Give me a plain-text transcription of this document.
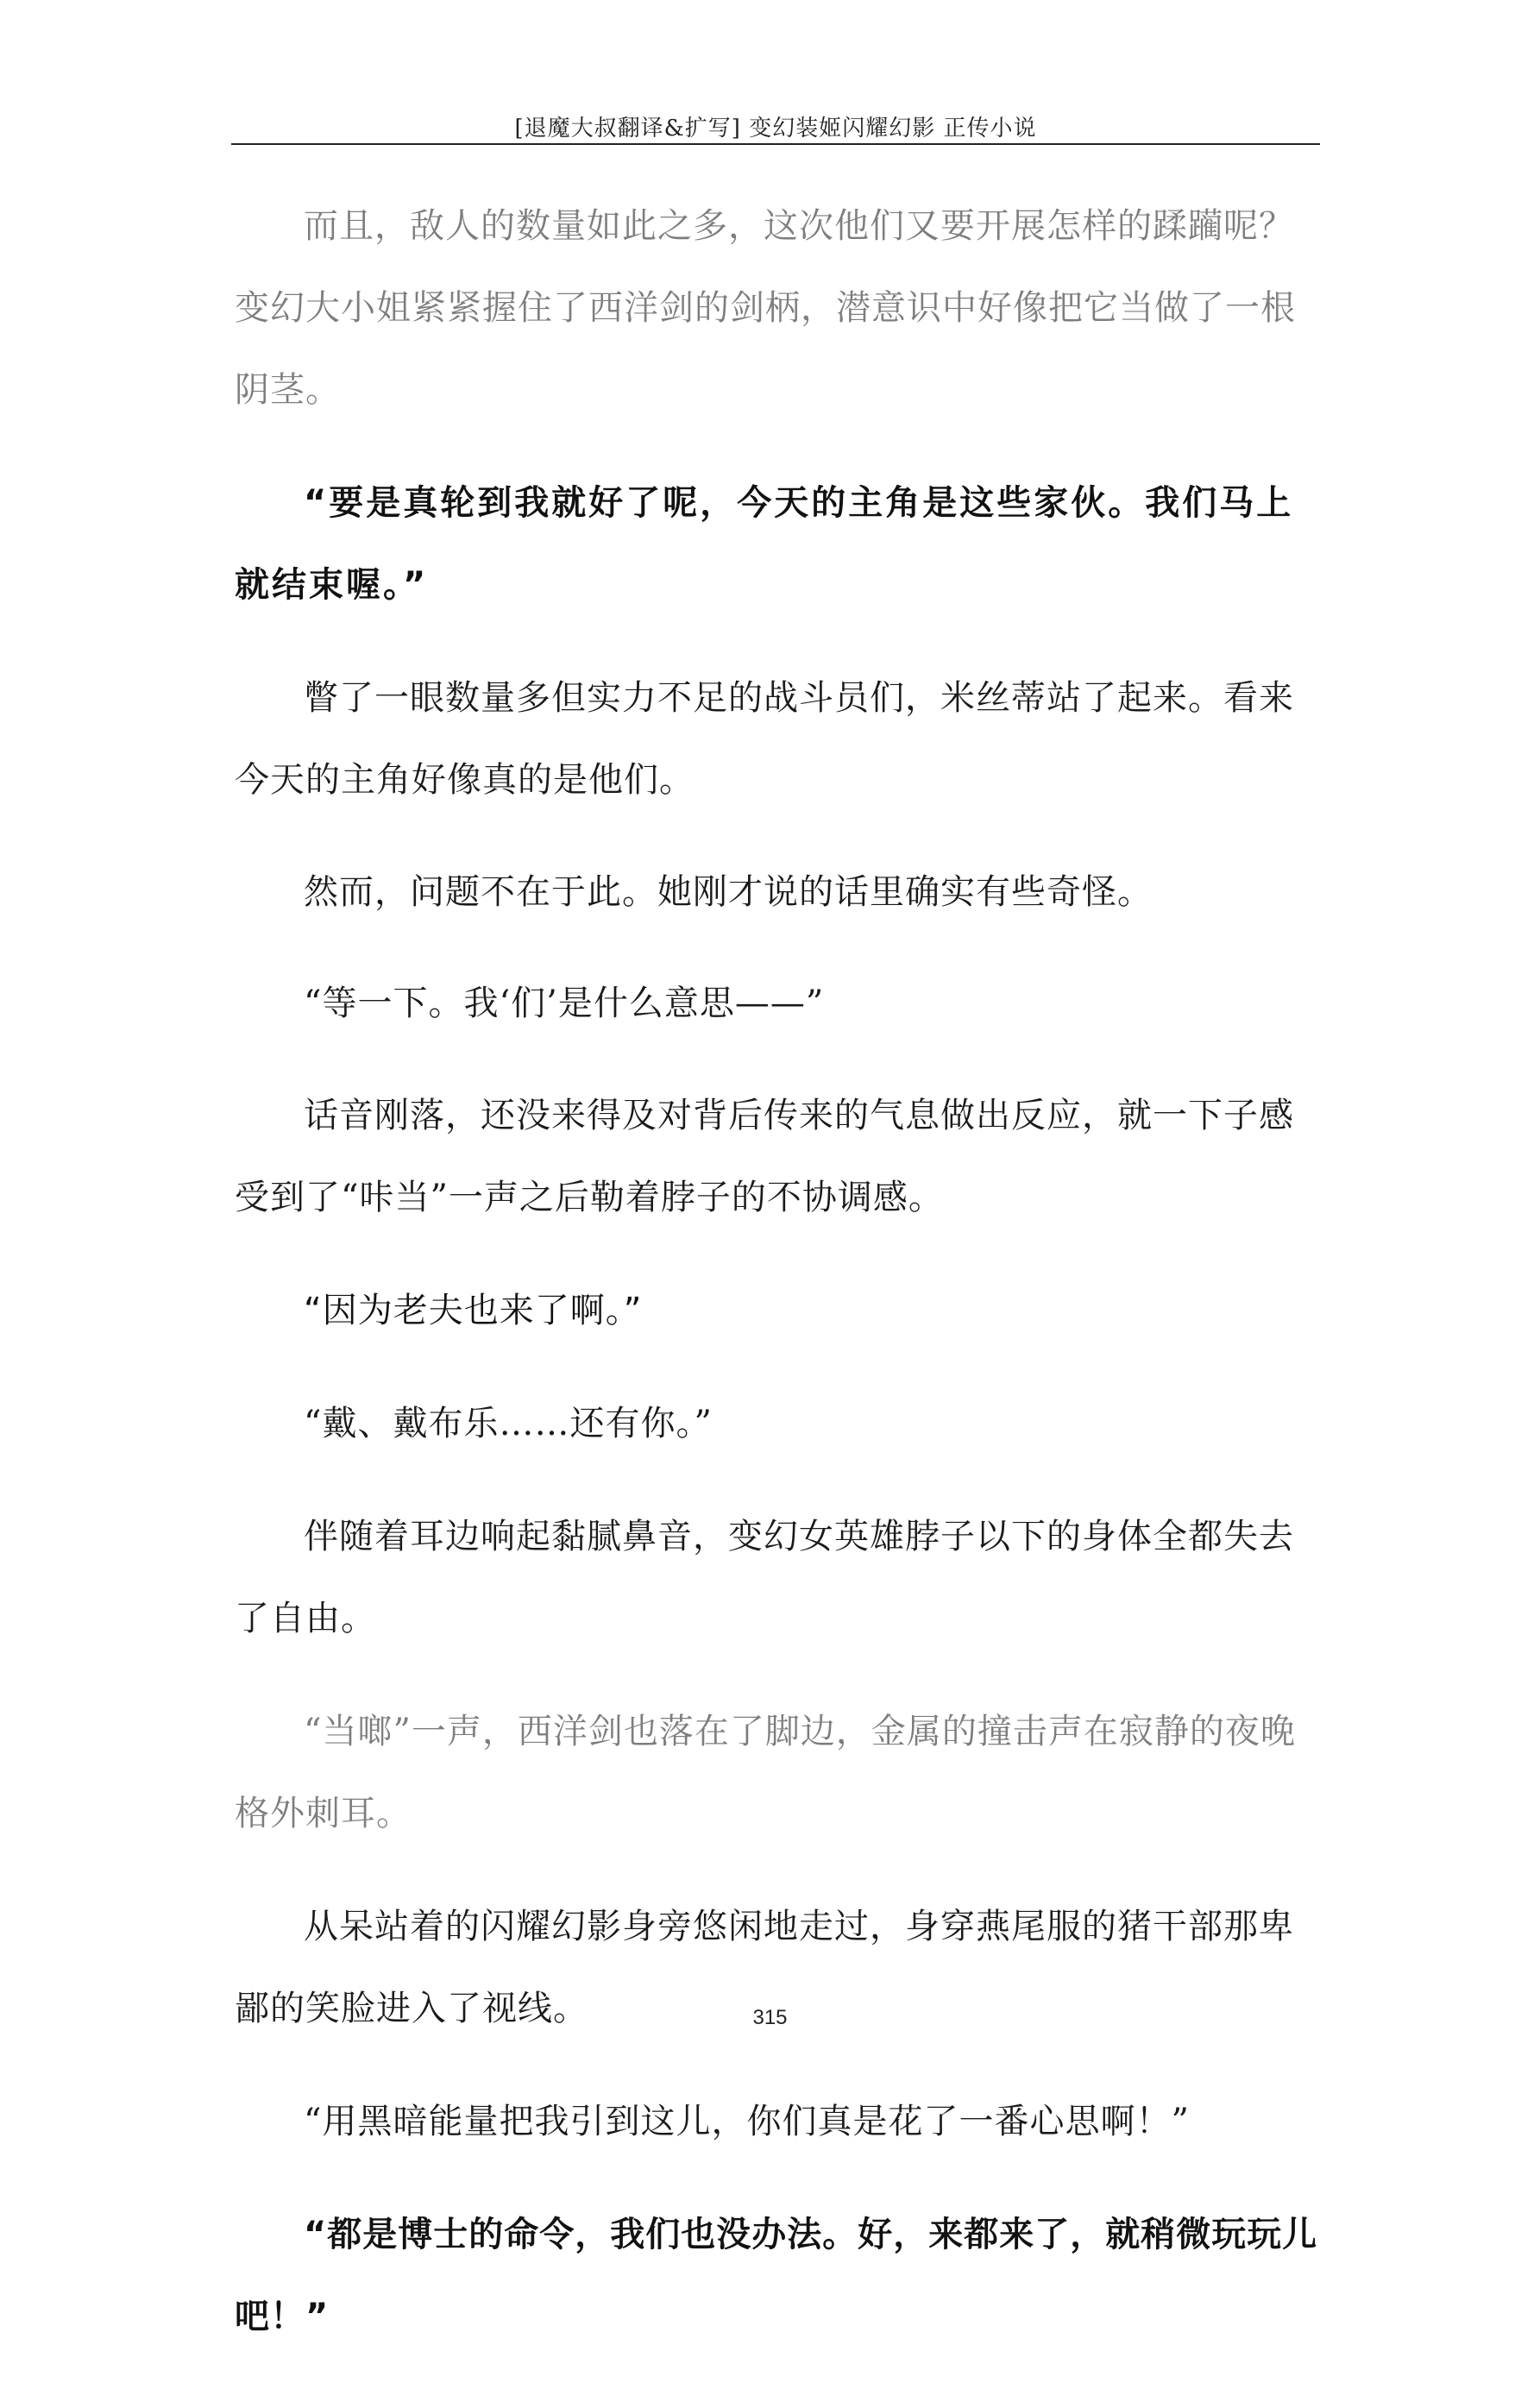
[退魔大叔翻译&扩写] 变幻装姬闪耀幻影 正传小说

而且，敌人的数量如此之多，这次他们又要开展怎样的蹂躏呢？变幻大小姐紧紧握住了西洋剑的剑柄，潜意识中好像把它当做了一根阴茎。

“要是真轮到我就好了呢，今天的主角是这些家伙。我们马上就结束喔。”

瞥了一眼数量多但实力不足的战斗员们，米丝蒂站了起来。看来今天的主角好像真的是他们。

然而，问题不在于此。她刚才说的话里确实有些奇怪。

“等一下。我‘们’是什么意思——”

话音刚落，还没来得及对背后传来的气息做出反应，就一下子感受到了“咔当”一声之后勒着脖子的不协调感。

“因为老夫也来了啊。”

“戴、戴布乐……还有你。”

伴随着耳边响起黏腻鼻音，变幻女英雄脖子以下的身体全都失去了自由。

“当啷”一声，西洋剑也落在了脚边，金属的撞击声在寂静的夜晚格外刺耳。

从呆站着的闪耀幻影身旁悠闲地走过，身穿燕尾服的猪干部那卑鄙的笑脸进入了视线。

“用黑暗能量把我引到这儿，你们真是花了一番心思啊！”

“都是博士的命令，我们也没办法。好，来都来了，就稍微玩玩儿吧！”

315
